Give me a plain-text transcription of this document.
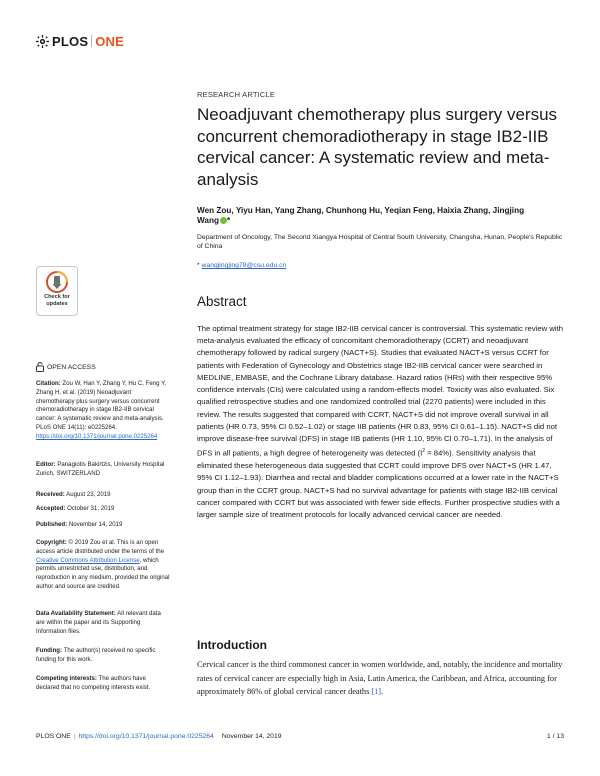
PLOS ONE
RESEARCH ARTICLE
Neoadjuvant chemotherapy plus surgery versus concurrent chemoradiotherapy in stage IB2-IIB cervical cancer: A systematic review and meta-analysis
Wen Zou, Yiyu Han, Yang Zhang, Chunhong Hu, Yeqian Feng, Haixia Zhang, Jingjing Wang *
Department of Oncology, The Second Xiangya Hospital of Central South University, Changsha, Hunan, People's Republic of China
* wangjingjing78@csu.edu.cn
Check for
updates
OPEN ACCESS
Citation: Zou W, Han Y, Zhang Y, Hu C, Feng Y, Zhang H, et al. (2019) Neoadjuvant chemotherapy plus surgery versus concurrent chemoradiotherapy in stage IB2-IIB cervical cancer: A systematic review and meta-analysis. PLoS ONE 14(11): e0225264. https://doi.org/10.1371/journal.pone.0225264
Editor: Panagiotis Bakirtzis, University Hospital Zurich, SWITZERLAND
Received: August 23, 2019
Accepted: October 31, 2019
Published: November 14, 2019
Copyright: © 2019 Zou et al. This is an open access article distributed under the terms of the Creative Commons Attribution License, which permits unrestricted use, distribution, and reproduction in any medium, provided the original author and source are credited.
Data Availability Statement: All relevant data are within the paper and its Supporting Information files.
Funding: The author(s) received no specific funding for this work.
Competing interests: The authors have declared that no competing interests exist.
Abstract

The optimal treatment strategy for stage IB2-IIB cervical cancer is controversial. This systematic review with meta-analysis evaluated the efficacy of concomitant chemoradiotherapy (CCRT) and neoadjuvant chemotherapy followed by radical surgery (NACT+S). Studies that evaluated NACT+S versus CCRT for patients with Federation of Gynecology and Obstetrics stage IB2-IIB cervical cancer were searched in MEDLINE, EMBASE, and the Cochrane Library database. Hazard ratios (HRs) with their respective 95% confidence intervals (CIs) were calculated using a random-effects model. Toxicity was also evaluated. Six qualified retrospective studies and one randomized controlled trial (2270 patients) were included in this review. The results suggested that compared with CCRT, NACT+S did not improve overall survival in all patients (HR 0.73, 95% CI 0.52–1.02) or stage IIB patients (HR 0.83, 95% CI 0.61–1.15). NACT+S did not improve disease-free survival (DFS) in stage IIB patients (HR 1.10, 95% CI 0.70–1.71). In the analysis of DFS in all patients, a high degree of heterogeneity was detected $(I^2 = 84\%)$. Sensitivity analysis that eliminated these heterogeneous data suggested that CCRT could improve DFS over NACT+S (HR 1.47, 95% CI 1.12–1.93). Diarrhea and rectal and bladder complications occurred at a lower rate in the NACT+S group than in the CCRT group. NACT+S had no survival advantage for patients with stage IB2-IIB cervical cancer compared with CCRT but was associated with fewer side effects. Further prospective studies with a larger sample size of treatment protocols for locally advanced cervical cancer are needed.

Introduction

Cervical cancer is the third commonest cancer in women worldwide, and, notably, the incidence and mortality rates of cervical cancer are especially high in Asia, Latin America, the Caribbean, and Africa, accounting for approximately 86% of global cervical cancer deaths [1].

PLOS ONE | https://doi.org/10.1371/journal.pone.0225264 November 14, 2019	1 / 13
